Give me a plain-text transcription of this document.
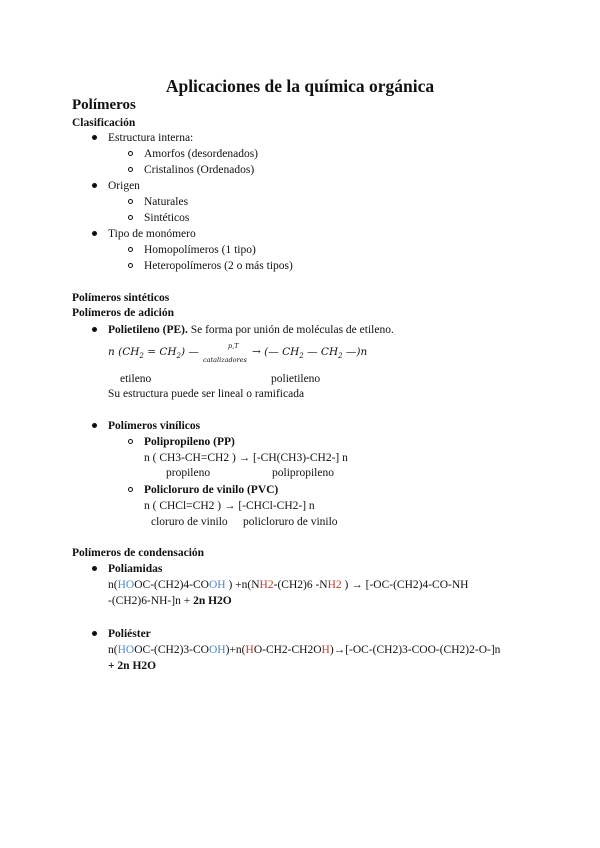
Aplicaciones de la química orgánica
Polímeros
Clasificación
Estructura interna:
Amorfos (desordenados)
Cristalinos (Ordenados)
Origen
Naturales
Sintéticos
Tipo de monómero
Homopolímeros (1 tipo)
Heteropolímeros (2 o más tipos)
Polímeros sintéticos
Polímeros de adición
Polietileno (PE). Se forma por unión de moléculas de etileno.
n $(CH_2 = CH_2)$ —	p,T
catalizadores
→ (— $CH_2$ — $CH_2$ —)n
etileno	polietileno
Su estructura puede ser lineal o ramificada
Polímeros vinílicos
Polipropileno (PP)
n ( CH3-CH=CH2 ) → [-CH(CH3)-CH2-] n
propileno	polipropileno
Policloruro de vinilo (PVC)
n ( CHCl=CH2 ) → [-CHCl-CH2-] n
cloruro de vinilo policloruro de vinilo
Polímeros de condensación
Poliamidas
n(HOOC-(CH2)4-COOH ) +n(NH2-(CH2)6 -NH2 ) → [-OC-(CH2)4-CO-NH
-(CH2)6-NH-]n + 2n H2O
Poliéster
n(HOOC-(CH2)3-COOH)+n(HO-CH2-CH2OH)→[-OC-(CH2)3-COO-(CH2)2-O-]n
+ 2n H2O
